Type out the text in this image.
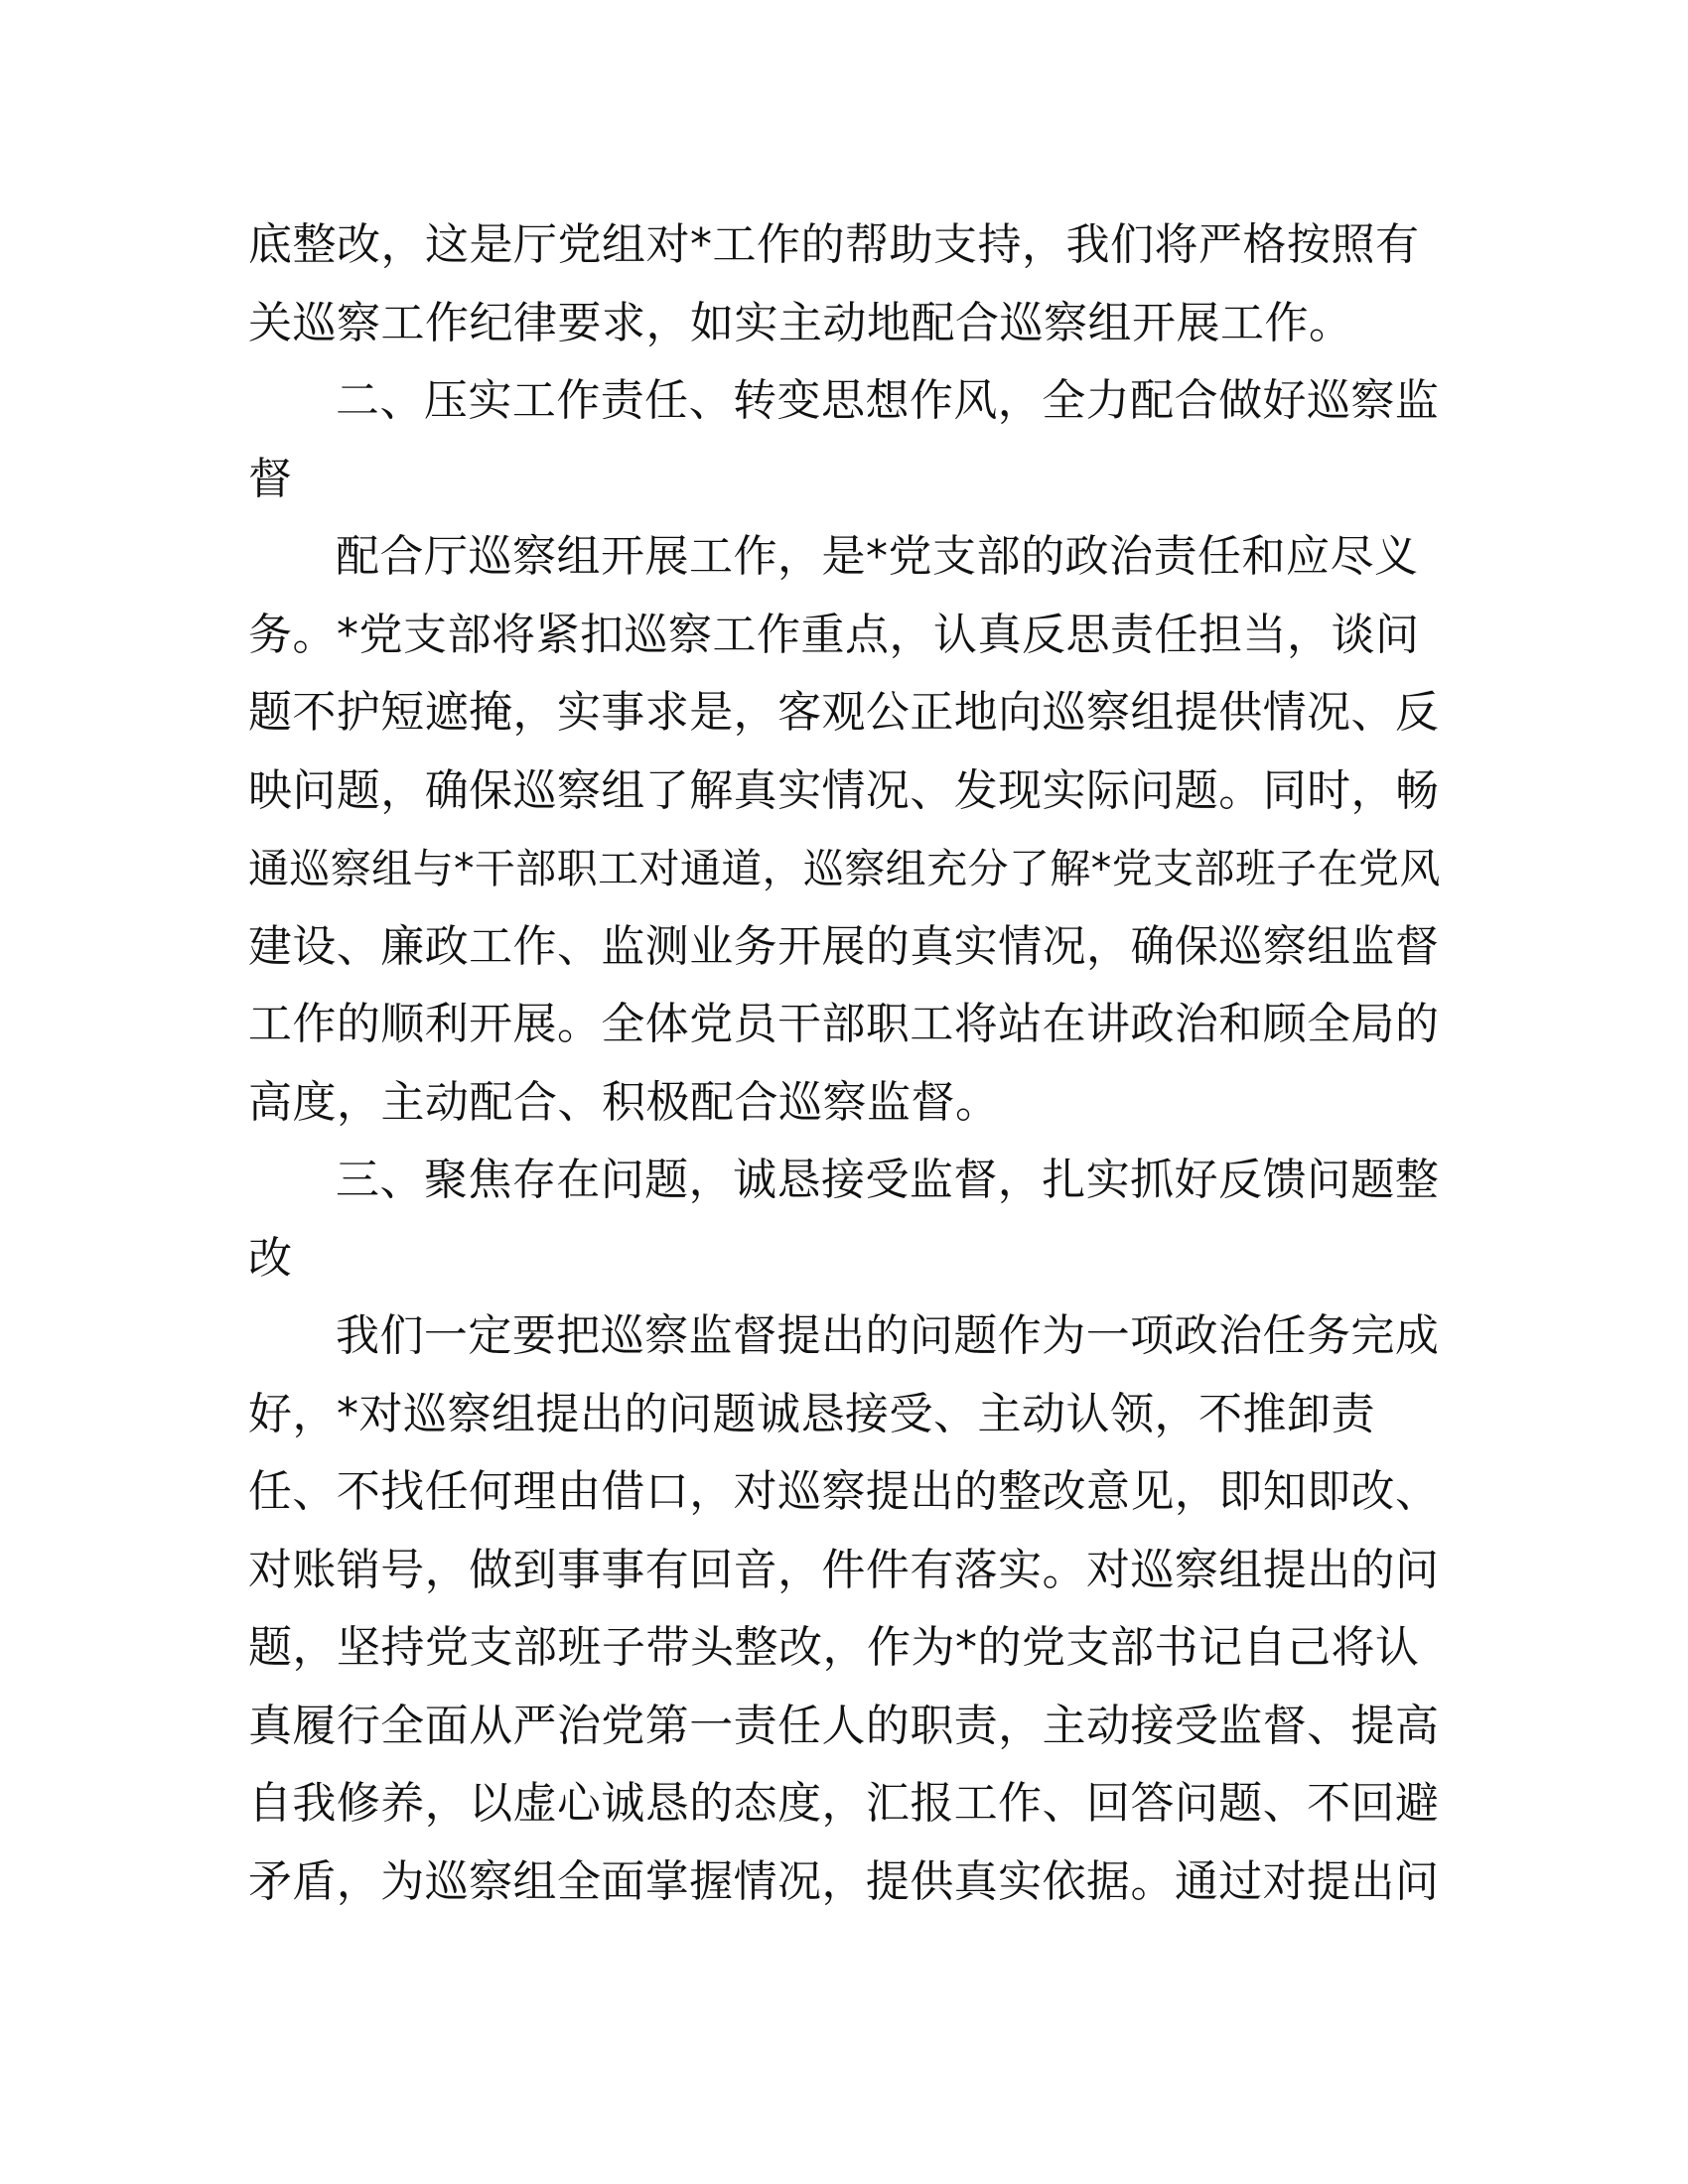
底整改，这是厅党组对*工作的帮助支持，我们将严格按照有
关巡察工作纪律要求，如实主动地配合巡察组开展工作。
二、压实工作责任、转变思想作风，全力配合做好巡察监
督
配合厅巡察组开展工作，是*党支部的政治责任和应尽义
务。*党支部将紧扣巡察工作重点，认真反思责任担当，谈问
题不护短遮掩，实事求是，客观公正地向巡察组提供情况、反
映问题，确保巡察组了解真实情况、发现实际问题。同时，畅
通巡察组与*干部职工对通道，巡察组充分了解*党支部班子在党风
建设、廉政工作、监测业务开展的真实情况，确保巡察组监督
工作的顺利开展。全体党员干部职工将站在讲政治和顾全局的
高度，主动配合、积极配合巡察监督。
三、聚焦存在问题，诚恳接受监督，扎实抓好反馈问题整
改
我们一定要把巡察监督提出的问题作为一项政治任务完成
好，*对巡察组提出的问题诚恳接受、主动认领，不推卸责
任、不找任何理由借口，对巡察提出的整改意见，即知即改、
对账销号，做到事事有回音，件件有落实。对巡察组提出的问
题，坚持党支部班子带头整改，作为*的党支部书记自己将认
真履行全面从严治党第一责任人的职责，主动接受监督、提高
自我修养，以虚心诚恳的态度，汇报工作、回答问题、不回避
矛盾，为巡察组全面掌握情况，提供真实依据。通过对提出问
